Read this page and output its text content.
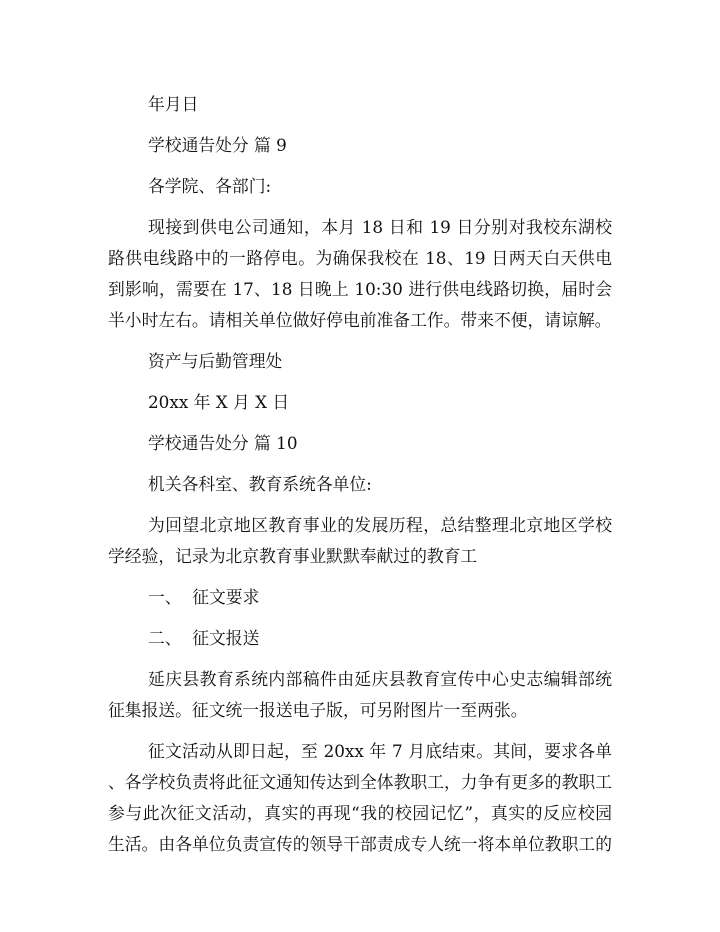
年月日
学校通告处分 篇 9
各学院、各部门:
现接到供电公司通知，本月 18 日和 19 日分别对我校东湖校
路供电线路中的一路停电。为确保我校在 18、19 日两天白天供电
到影响，需要在 17、18 日晚上 10:30 进行供电线路切换，届时会
半小时左右。请相关单位做好停电前准备工作。带来不便，请谅解。
资产与后勤管理处
20xx 年 X 月 X 日
学校通告处分 篇 10
机关各科室、教育系统各单位:
为回望北京地区教育事业的发展历程，总结整理北京地区学校
学经验，记录为北京教育事业默默奉献过的教育工
一、  征文要求
二、  征文报送
延庆县教育系统内部稿件由延庆县教育宣传中心史志编辑部统
征集报送。征文统一报送电子版，可另附图片一至两张。
征文活动从即日起，至 20xx 年 7 月底结束。其间，要求各单
、各学校负责将此征文通知传达到全体教职工，力争有更多的教职工
参与此次征文活动，真实的再现“我的校园记忆”，真实的反应校园
生活。由各单位负责宣传的领导干部责成专人统一将本单位教职工的
